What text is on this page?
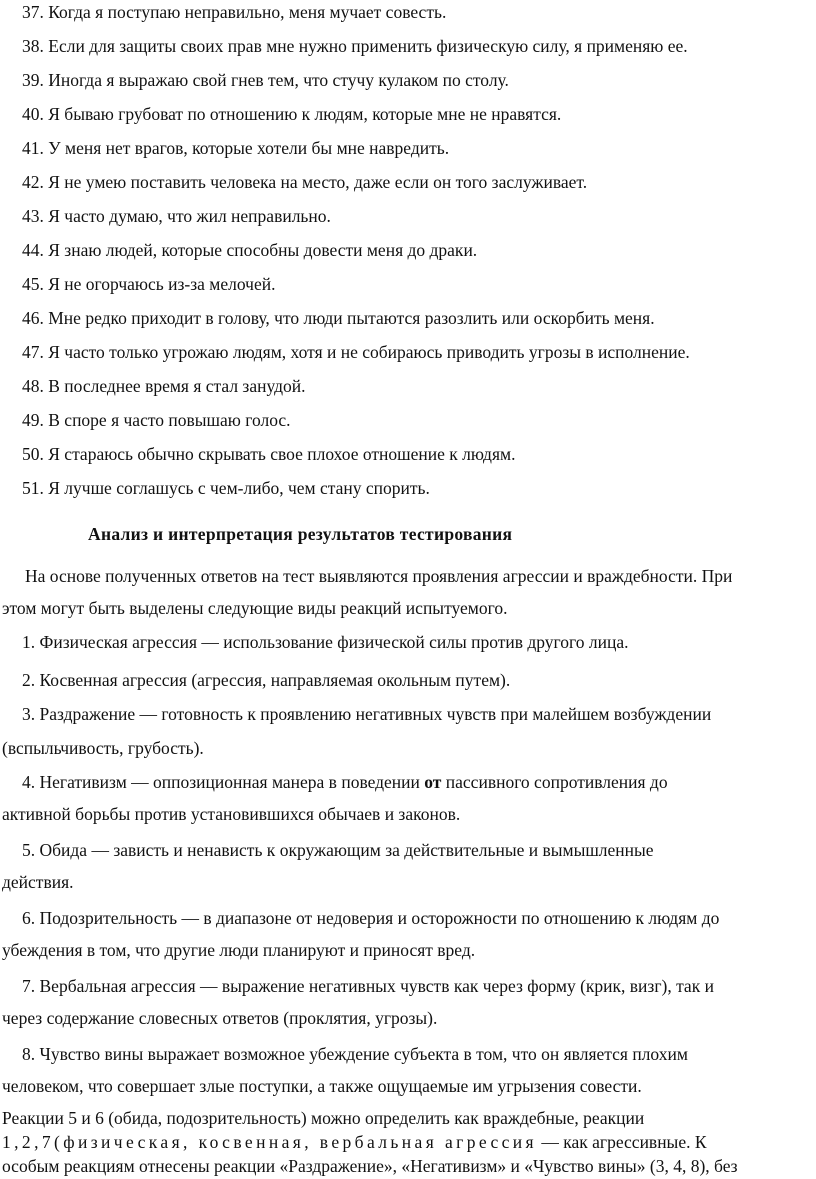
37. Когда я поступаю неправильно, меня мучает совесть.
38. Если для защиты своих прав мне нужно применить физическую силу, я применяю ее.
39. Иногда я выражаю свой гнев тем, что стучу кулаком по столу.
40. Я бываю грубоват по отношению к людям, которые мне не нравятся.
41. У меня нет врагов, которые хотели бы мне навредить.
42. Я не умею поставить человека на место, даже если он того заслуживает.
43. Я часто думаю, что жил неправильно.
44. Я знаю людей, которые способны довести меня до драки.
45. Я не огорчаюсь из-за мелочей.
46. Мне редко приходит в голову, что люди пытаются разозлить или оскорбить меня.
47. Я часто только угрожаю людям, хотя и не собираюсь приводить угрозы в исполнение.
48. В последнее время я стал занудой.
49. В споре я часто повышаю голос.
50. Я стараюсь обычно скрывать свое плохое отношение к людям.
51. Я лучше соглашусь с чем-либо, чем стану спорить.
Анализ и интерпретация результатов тестирования
На основе полученных ответов на тест выявляются проявления агрессии и враждебности. При
этом могут быть выделены следующие виды реакций испытуемого.
1. Физическая агрессия — использование физической силы против другого лица.
2. Косвенная агрессия (агрессия, направляемая окольным путем).
3. Раздражение — готовность к проявлению негативных чувств при малейшем возбуждении
(вспыльчивость, грубость).
4. Негативизм — оппозиционная манера в поведении от пассивного сопротивления до
активной борьбы против установившихся обычаев и законов.
5. Обида — зависть и ненависть к окружающим за действительные и вымышленные
действия.
6. Подозрительность — в диапазоне от недоверия и осторожности по отношению к людям до
убеждения в том, что другие люди планируют и приносят вред.
7. Вербальная агрессия — выражение негативных чувств как через форму (крик, визг), так и
через содержание словесных ответов (проклятия, угрозы).
8. Чувство вины выражает возможное убеждение субъекта в том, что он является плохим
человеком, что совершает злые поступки, а также ощущаемые им угрызения совести.
Реакции 5 и 6 (обида, подозрительность) можно определить как враждебные, реакции
1,2,7(физическая, косвенная, вербальная агрессия — как агрессивные. К
особым реакциям отнесены реакции «Раздражение», «Негативизм» и «Чувство вины» (3, 4, 8), без
